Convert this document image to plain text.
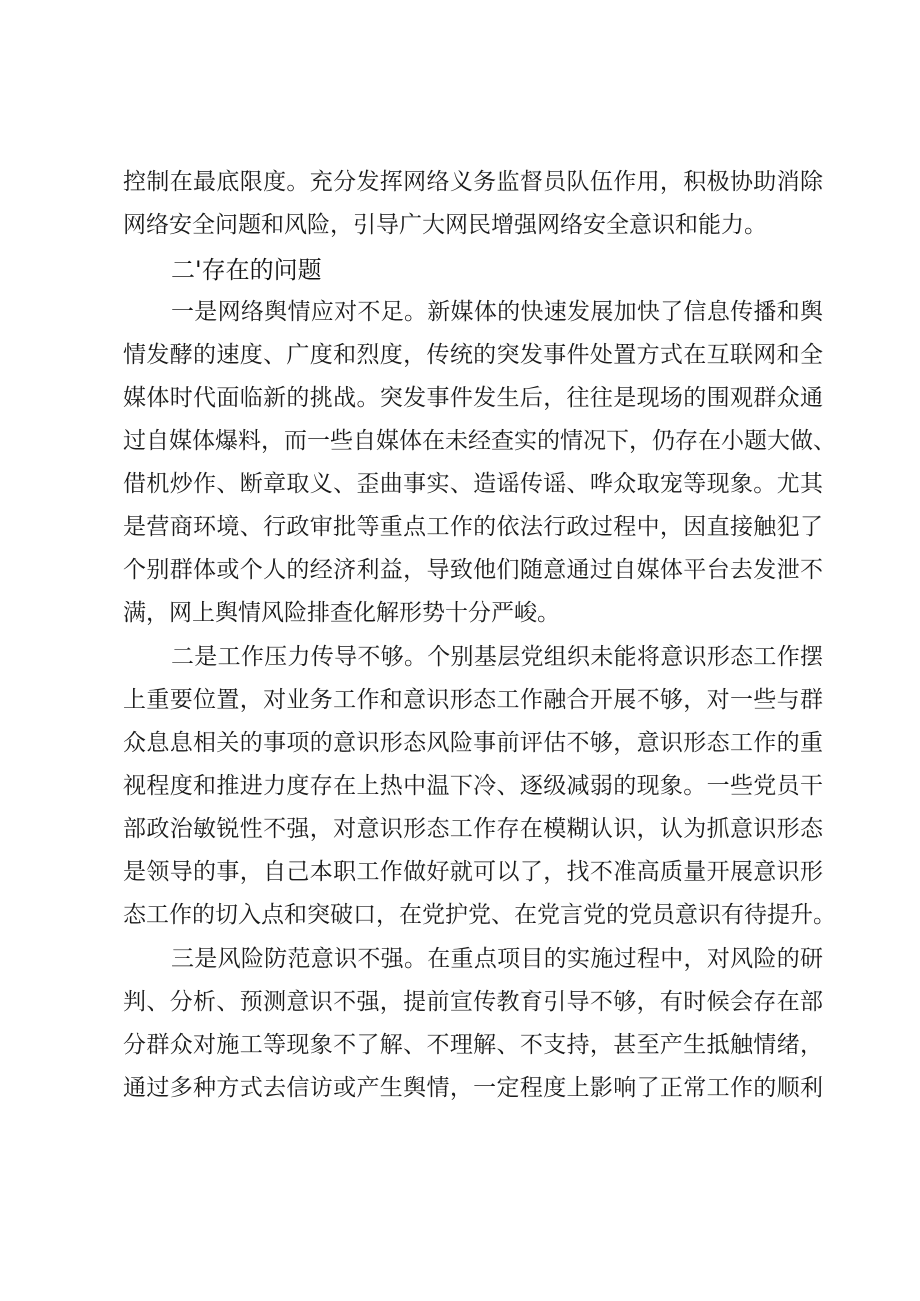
控制在最底限度。充分发挥网络义务监督员队伍作用，积极协助消除
网络安全问题和风险，引导广大网民增强网络安全意识和能力。
二'存在的问题
一是网络舆情应对不足。新媒体的快速发展加快了信息传播和舆
情发酵的速度、广度和烈度，传统的突发事件处置方式在互联网和全
媒体时代面临新的挑战。突发事件发生后，往往是现场的围观群众通
过自媒体爆料，而一些自媒体在未经查实的情况下，仍存在小题大做、
借机炒作、断章取义、歪曲事实、造谣传谣、哗众取宠等现象。尤其
是营商环境、行政审批等重点工作的依法行政过程中，因直接触犯了
个别群体或个人的经济利益，导致他们随意通过自媒体平台去发泄不
满，网上舆情风险排查化解形势十分严峻。
二是工作压力传导不够。个别基层党组织未能将意识形态工作摆
上重要位置，对业务工作和意识形态工作融合开展不够，对一些与群
众息息相关的事项的意识形态风险事前评估不够，意识形态工作的重
视程度和推进力度存在上热中温下冷、逐级减弱的现象。一些党员干
部政治敏锐性不强，对意识形态工作存在模糊认识，认为抓意识形态
是领导的事，自己本职工作做好就可以了，找不准高质量开展意识形
态工作的切入点和突破口，在党护党、在党言党的党员意识有待提升。
三是风险防范意识不强。在重点项目的实施过程中，对风险的研
判、分析、预测意识不强，提前宣传教育引导不够，有时候会存在部
分群众对施工等现象不了解、不理解、不支持，甚至产生抵触情绪，
通过多种方式去信访或产生舆情，一定程度上影响了正常工作的顺利
